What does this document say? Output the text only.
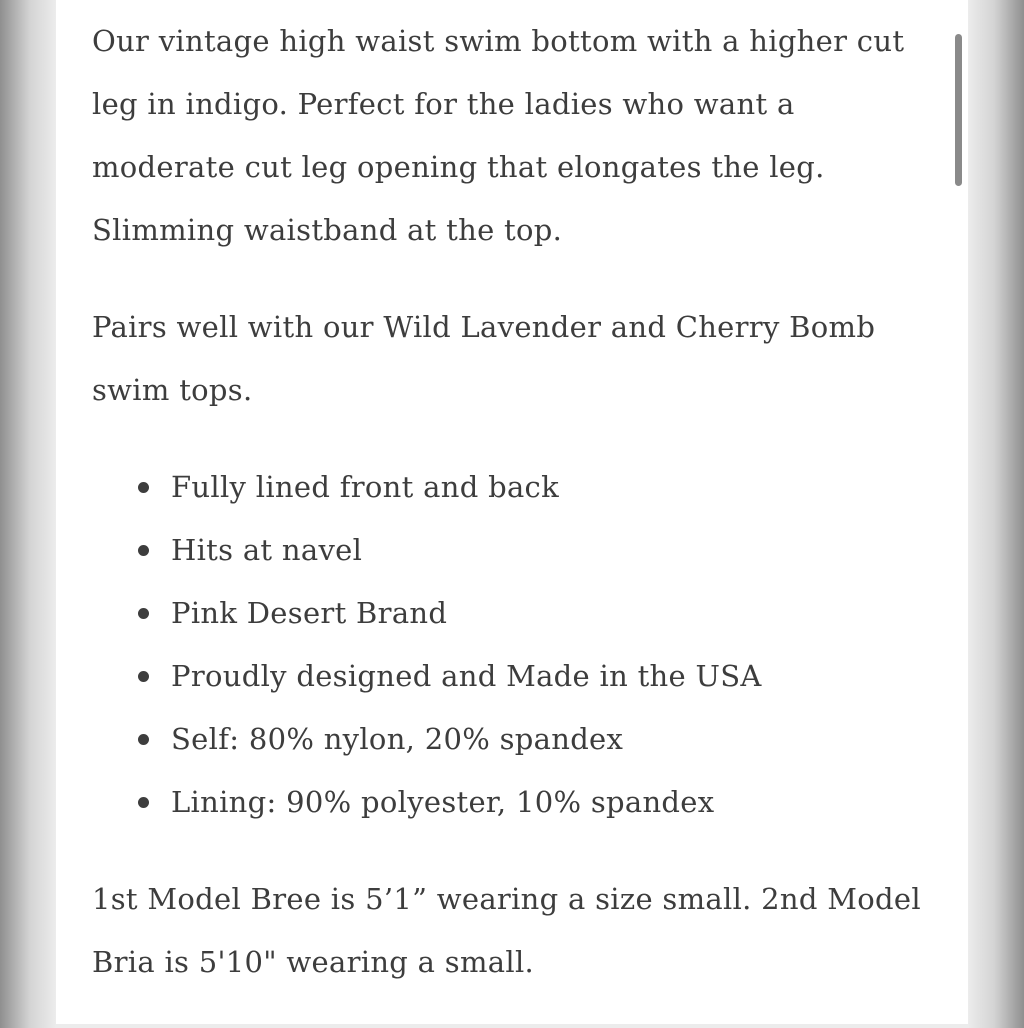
Our vintage high waist swim bottom with a higher cut
leg in indigo. Perfect for the ladies who want a
moderate cut leg opening that elongates the leg.
Slimming waistband at the top.

Pairs well with our Wild Lavender and Cherry Bomb
swim tops.

Fully lined front and back
Hits at navel
Pink Desert Brand
Proudly designed and Made in the USA
Self: 80% nylon, 20% spandex
Lining: 90% polyester, 10% spandex

1st Model Bree is 5’1” wearing a size small. 2nd Model
Bria is 5'10" wearing a small.
